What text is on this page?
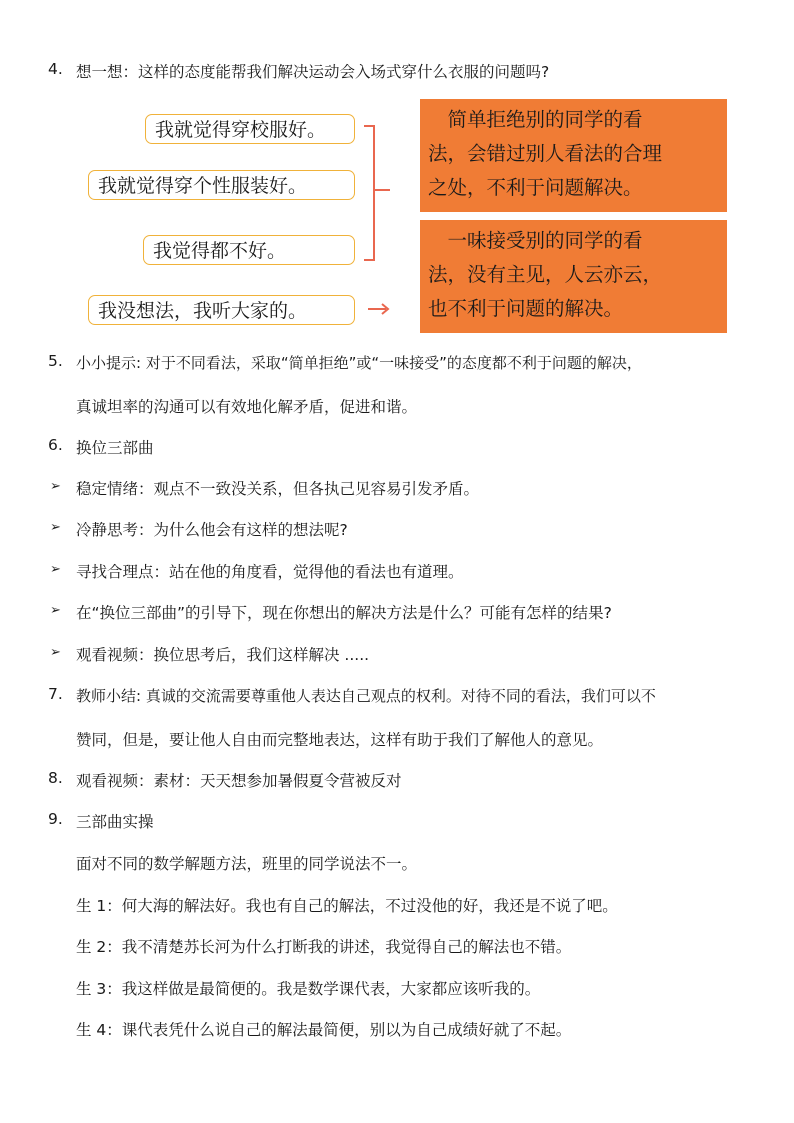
4. 想一想：这样的态度能帮我们解决运动会入场式穿什么衣服的问题吗?
我就觉得穿校服好。
我就觉得穿个性服装好。
我觉得都不好。
我没想法，我听大家的。
　简单拒绝别的同学的看
法，会错过别人看法的合理
之处，不利于问题解决。
　一味接受别的同学的看
法，没有主见，人云亦云，
也不利于问题的解决。
5. 小小提示: 对于不同看法，采取“简单拒绝”或“一味接受”的态度都不利于问题的解决，
真诚坦率的沟通可以有效地化解矛盾，促进和谐。
6. 换位三部曲
➢ 稳定情绪：观点不一致没关系，但各执己见容易引发矛盾。
➢ 冷静思考：为什么他会有这样的想法呢?
➢ 寻找合理点：站在他的角度看，觉得他的看法也有道理。
➢ 在“换位三部曲”的引导下，现在你想出的解决方法是什么？可能有怎样的结果?
➢ 观看视频：换位思考后，我们这样解决 .....
7. 教师小结: 真诚的交流需要尊重他人表达自己观点的权利。对待不同的看法，我们可以不
赞同，但是，要让他人自由而完整地表达，这样有助于我们了解他人的意见。
8. 观看视频：素材：天天想参加暑假夏令营被反对
9. 三部曲实操
面对不同的数学解题方法，班里的同学说法不一。
生 1：何大海的解法好。我也有自己的解法，不过没他的好，我还是不说了吧。
生 2：我不清楚苏长河为什么打断我的讲述，我觉得自己的解法也不错。
生 3：我这样做是最简便的。我是数学课代表，大家都应该听我的。
生 4：课代表凭什么说自己的解法最简便，别以为自己成绩好就了不起。
